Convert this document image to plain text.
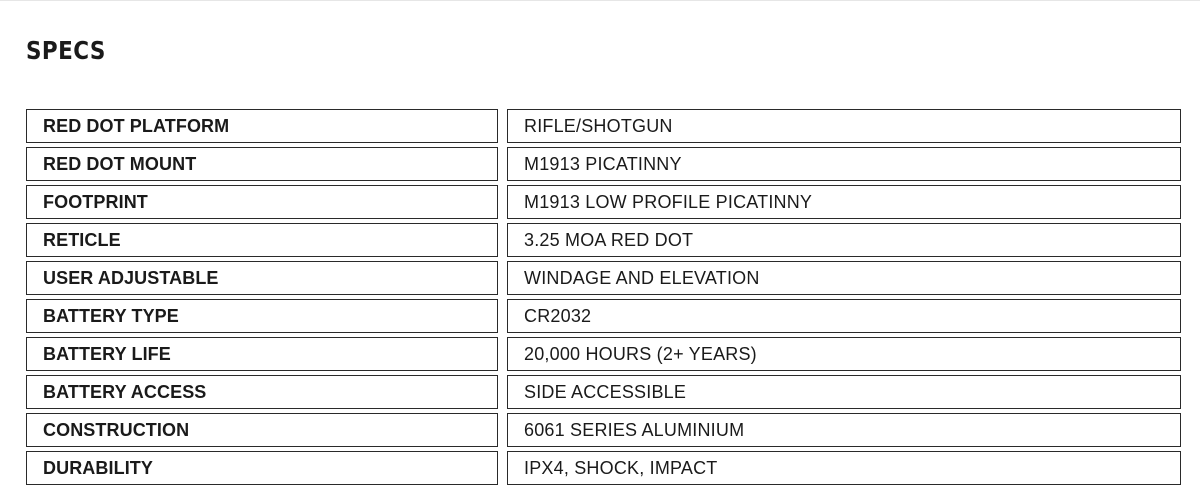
SPECS
RED DOT PLATFORM	RIFLE/SHOTGUN
RED DOT MOUNT	M1913 PICATINNY
FOOTPRINT	M1913 LOW PROFILE PICATINNY
RETICLE	3.25 MOA RED DOT
USER ADJUSTABLE	WINDAGE AND ELEVATION
BATTERY TYPE	CR2032
BATTERY LIFE	20,000 HOURS (2+ YEARS)
BATTERY ACCESS	SIDE ACCESSIBLE
CONSTRUCTION	6061 SERIES ALUMINIUM
DURABILITY	IPX4, SHOCK, IMPACT
